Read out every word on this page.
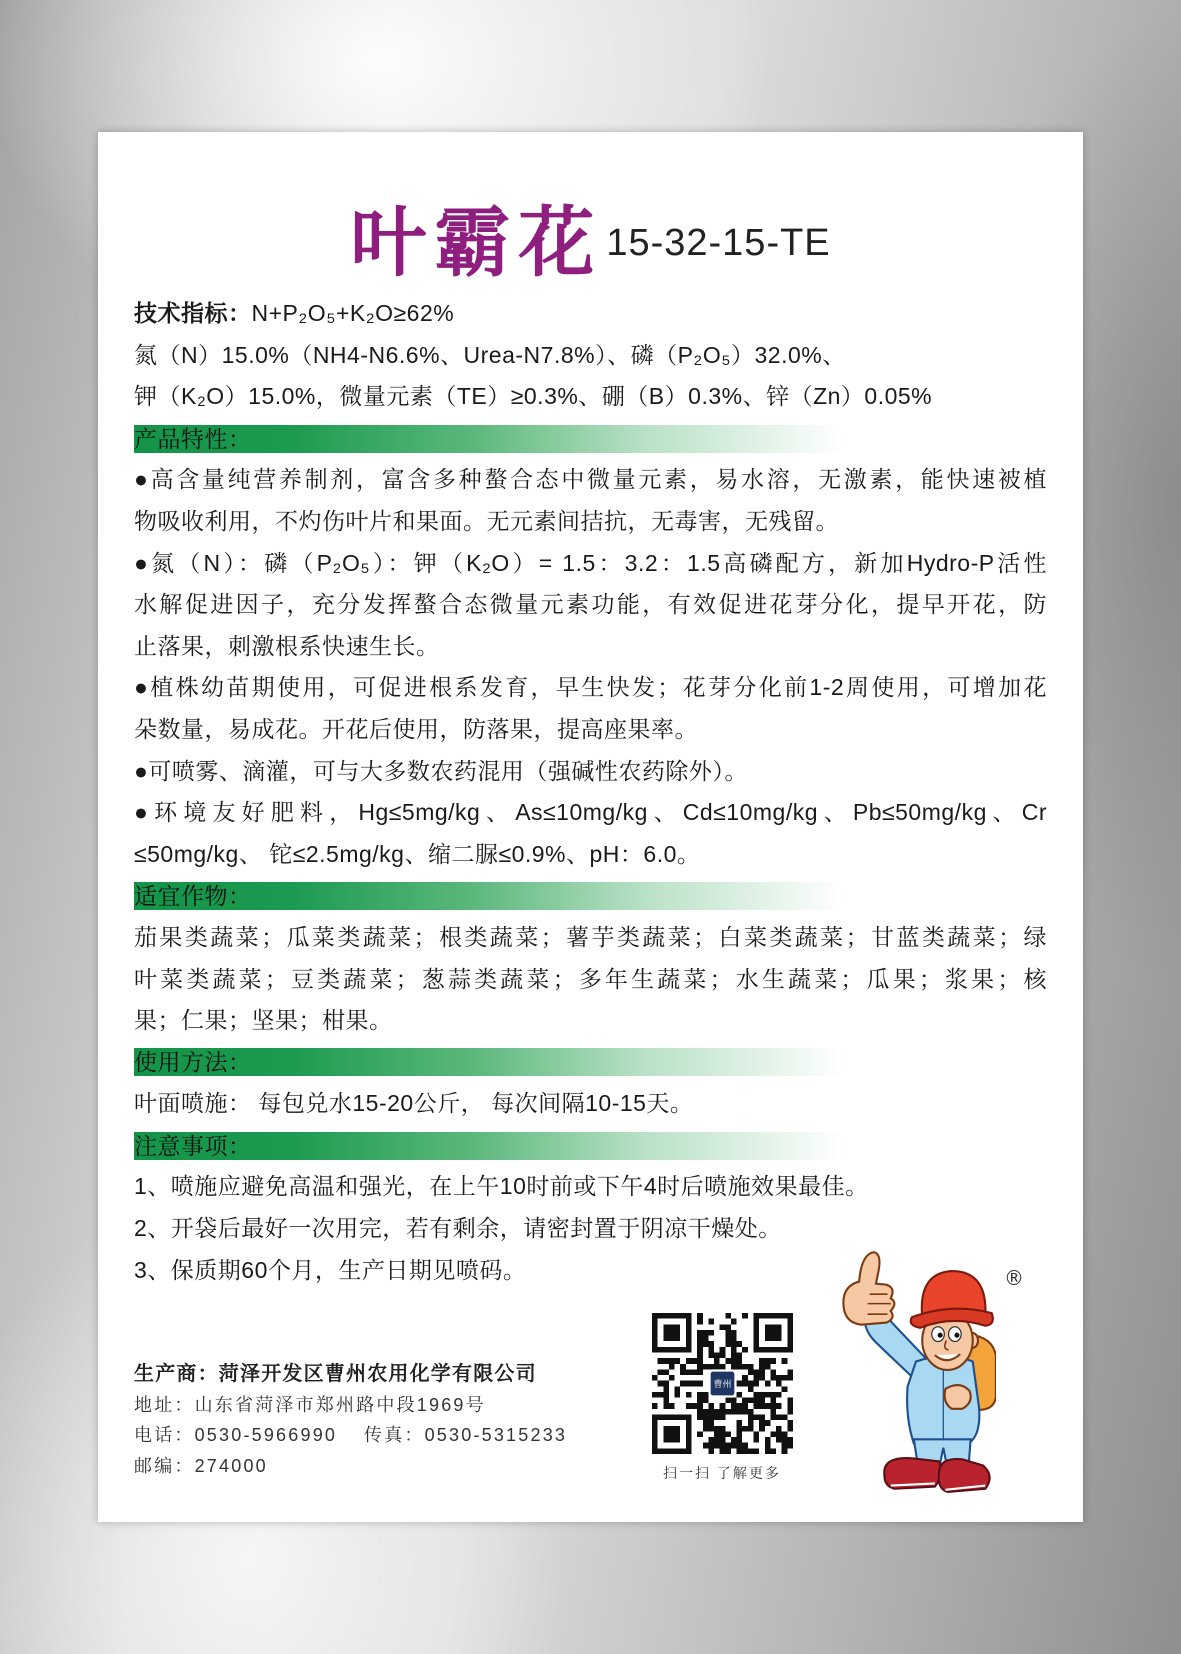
叶霸花 15-32-15-TE
技术指标：N+P₂O₅+K₂O≥62%
氮（N）15.0%（NH4-N6.6%、Urea-N7.8%）、磷（P₂O₅）32.0%、
钾（K₂O）15.0%，微量元素（TE）≥0.3%、硼（B）0.3%、锌（Zn）0.05%
产品特性：
●高含量纯营养制剂，富含多种螯合态中微量元素，易水溶，无激素，能快速被植
物吸收利用，不灼伤叶片和果面。无元素间拮抗，无毒害，无残留。
●氮（N）：磷（P₂O₅）：钾（K₂O）= 1.5：3.2：1.5高磷配方，新加Hydro-P活性
水解促进因子，充分发挥螯合态微量元素功能，有效促进花芽分化，提早开花，防
止落果，刺激根系快速生长。
●植株幼苗期使用，可促进根系发育，早生快发；花芽分化前1-2周使用，可增加花
朵数量，易成花。开花后使用，防落果，提高座果率。
●可喷雾、滴灌，可与大多数农药混用（强碱性农药除外）。
●环境友好肥料，Hg≤5mg/kg、As≤10mg/kg、Cd≤10mg/kg、Pb≤50mg/kg、Cr
≤50mg/kg、 铊≤2.5mg/kg、缩二脲≤0.9%、pH：6.0。
适宜作物：
茄果类蔬菜；瓜菜类蔬菜；根类蔬菜；薯芋类蔬菜；白菜类蔬菜；甘蓝类蔬菜；绿
叶菜类蔬菜；豆类蔬菜；葱蒜类蔬菜；多年生蔬菜；水生蔬菜；瓜果；浆果；核
果；仁果；坚果；柑果。
使用方法：
叶面喷施： 每包兑水15-20公斤， 每次间隔10-15天。
注意事项：
1、喷施应避免高温和强光，在上午10时前或下午4时后喷施效果最佳。
2、开袋后最好一次用完，若有剩余，请密封置于阴凉干燥处。
3、保质期60个月，生产日期见喷码。
生产商：菏泽开发区曹州农用化学有限公司
地址：山东省菏泽市郑州路中段1969号
电话：0530-5966990 传真：0530-5315233
邮编：274000
曹州
扫一扫 了解更多
®
